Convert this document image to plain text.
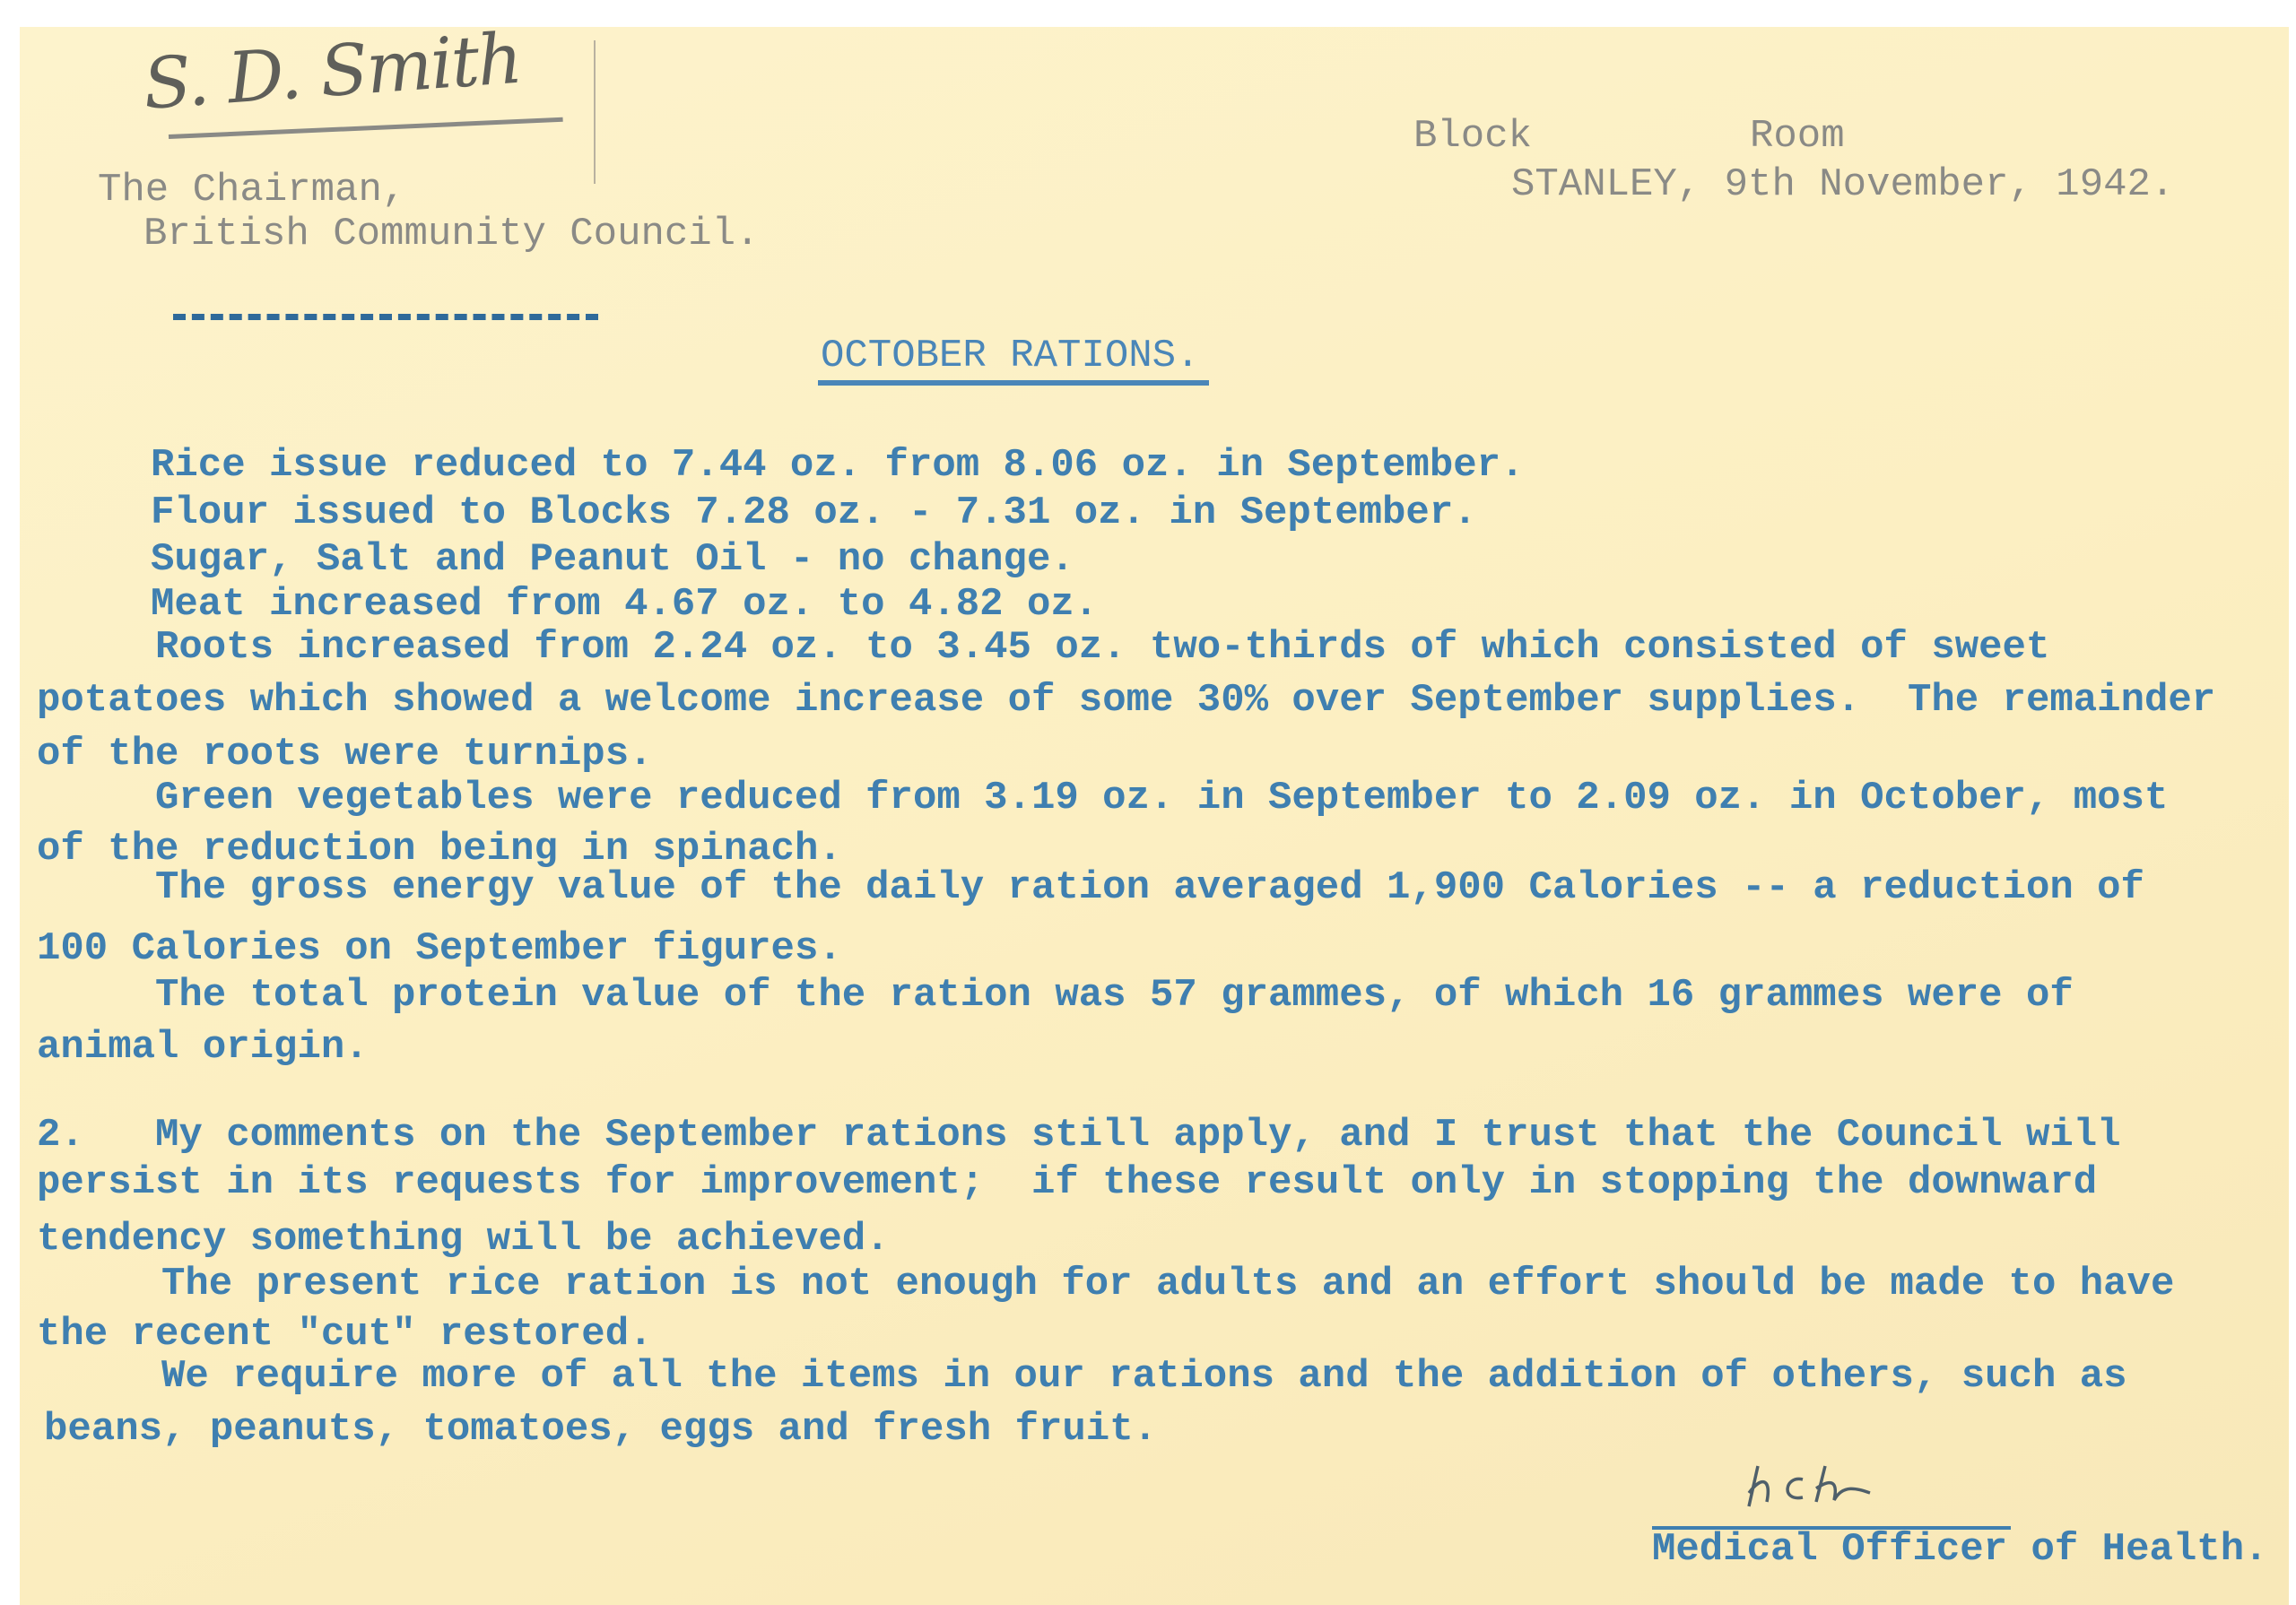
S. D. Smith
Block	Room
STANLEY, 9th November, 1942.
The Chairman,
British Community Council.
OCTOBER RATIONS.
Rice issue reduced to 7.44 oz. from 8.06 oz. in September.
Flour issued to Blocks 7.28 oz. - 7.31 oz. in September.
Sugar, Salt and Peanut Oil - no change.
Meat increased from 4.67 oz. to 4.82 oz.
Roots increased from 2.24 oz. to 3.45 oz. two-thirds of which consisted of sweet
potatoes which showed a welcome increase of some 30% over September supplies.  The remainder
of the roots were turnips.
Green vegetables were reduced from 3.19 oz. in September to 2.09 oz. in October, most
of the reduction being in spinach.
The gross energy value of the daily ration averaged 1,900 Calories -- a reduction of
100 Calories on September figures.
The total protein value of the ration was 57 grammes, of which 16 grammes were of
animal origin.
2.   My comments on the September rations still apply, and I trust that the Council will
persist in its requests for improvement;  if these result only in stopping the downward
tendency something will be achieved.
The present rice ration is not enough for adults and an effort should be made to have
the recent "cut" restored.
We require more of all the items in our rations and the addition of others, such as
beans, peanuts, tomatoes, eggs and fresh fruit.
Medical Officer of Health.
